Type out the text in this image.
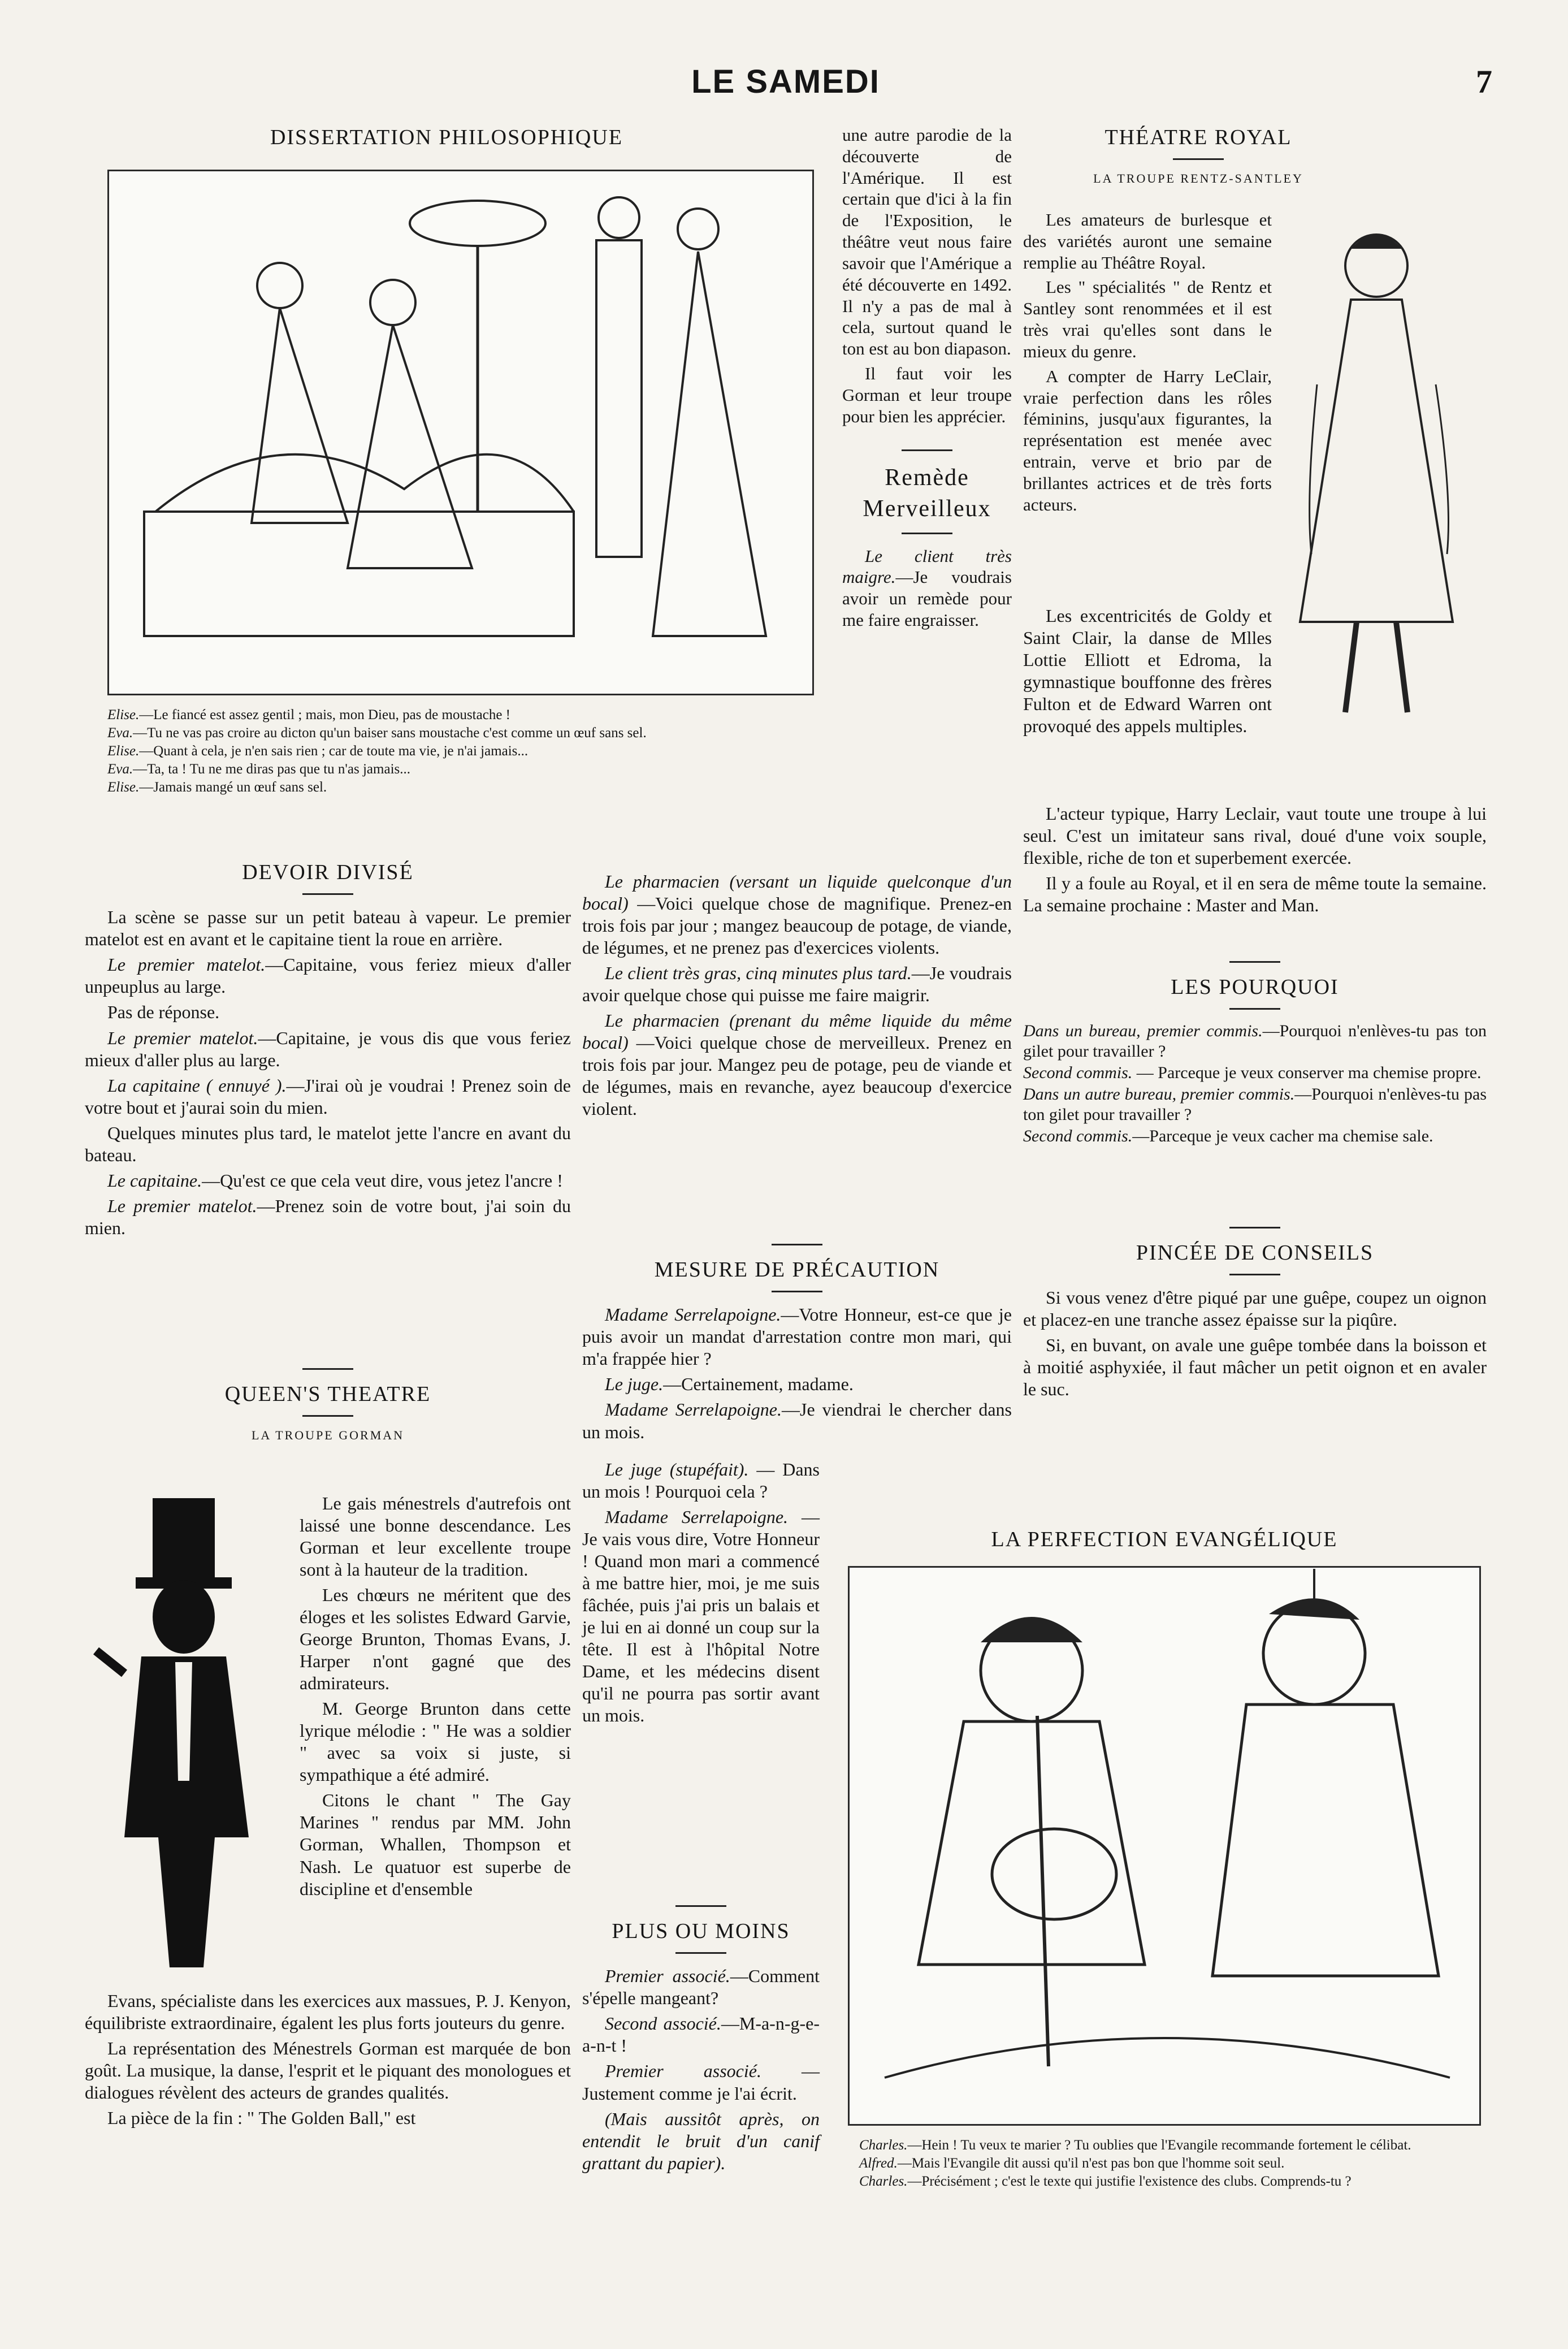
LE SAMEDI	7
DISSERTATION PHILOSOPHIQUE

Elise.—Le fiancé est assez gentil ; mais, mon Dieu, pas de moustache !

Eva.—Tu ne vas pas croire au dicton qu'un baiser sans moustache c'est comme un œuf sans sel.

Elise.—Quant à cela, je n'en sais rien ; car de toute ma vie, je n'ai jamais...

Eva.—Ta, ta ! Tu ne me diras pas que tu n'as jamais...

Elise.—Jamais mangé un œuf sans sel.

une autre parodie de la découverte de l'Amérique. Il est certain que d'ici à la fin de l'Exposition, le théâtre veut nous faire savoir que l'Amérique a été découverte en 1492. Il n'y a pas de mal à cela, surtout quand le ton est au bon diapason.

Il faut voir les Gorman et leur troupe pour bien les apprécier.

Remède Merveilleux

Le client très maigre.—Je voudrais avoir un remède pour me faire engraisser.

DEVOIR DIVISÉ

La scène se passe sur un petit bateau à vapeur. Le premier matelot est en avant et le capitaine tient la roue en arrière.

Le premier matelot.—Capitaine, vous feriez mieux d'aller unpeuplus au large.

Pas de réponse.

Le premier matelot.—Capitaine, je vous dis que vous feriez mieux d'aller plus au large.

La capitaine ( ennuyé ).—J'irai où je voudrai ! Prenez soin de votre bout et j'aurai soin du mien.

Quelques minutes plus tard, le matelot jette l'ancre en avant du bateau.

Le capitaine.—Qu'est ce que cela veut dire, vous jetez l'ancre !

Le premier matelot.—Prenez soin de votre bout, j'ai soin du mien.

QUEEN'S THEATRE
LA TROUPE GORMAN

Le gais ménestrels d'autrefois ont laissé une bonne descendance. Les Gorman et leur excellente troupe sont à la hauteur de la tradition.

Les chœurs ne méritent que des éloges et les solistes Edward Garvie, George Brunton, Thomas Evans, J. Harper n'ont gagné que des admirateurs.

M. George Brunton dans cette lyrique mélodie : " He was a soldier " avec sa voix si juste, si sympathique a été admiré.

Citons le chant " The Gay Marines " rendus par MM. John Gorman, Whallen, Thompson et Nash. Le quatuor est superbe de discipline et d'ensemble

Evans, spécialiste dans les exercices aux massues, P. J. Kenyon, équilibriste extraordinaire, égalent les plus forts jouteurs du genre.

La représentation des Ménestrels Gorman est marquée de bon goût. La musique, la danse, l'esprit et le piquant des monologues et dialogues révèlent des acteurs de grandes qualités.

La pièce de la fin : " The Golden Ball," est

Le pharmacien (versant un liquide quelconque d'un bocal) —Voici quelque chose de magnifique. Prenez-en trois fois par jour ; mangez beaucoup de potage, de viande, de légumes, et ne prenez pas d'exercices violents.

Le client très gras, cinq minutes plus tard.—Je voudrais avoir quelque chose qui puisse me faire maigrir.

Le pharmacien (prenant du même liquide du même bocal) —Voici quelque chose de merveilleux. Prenez en trois fois par jour. Mangez peu de potage, peu de viande et de légumes, mais en revanche, ayez beaucoup d'exercice violent.

MESURE DE PRÉCAUTION

Madame Serrelapoigne.—Votre Honneur, est-ce que je puis avoir un mandat d'arrestation contre mon mari, qui m'a frappée hier ?

Le juge.—Certainement, madame.

Madame Serrelapoigne.—Je viendrai le chercher dans un mois.

Le juge (stupéfait). — Dans un mois ! Pourquoi cela ?

Madame Serrelapoigne. — Je vais vous dire, Votre Honneur ! Quand mon mari a commencé à me battre hier, moi, je me suis fâchée, puis j'ai pris un balais et je lui en ai donné un coup sur la tête. Il est à l'hôpital Notre Dame, et les médecins disent qu'il ne pourra pas sortir avant un mois.

PLUS OU MOINS

Premier associé.—Comment s'épelle mangeant?

Second associé.—M-a-n-g-e-a-n-t !

Premier associé. — Justement comme je l'ai écrit.

(Mais aussitôt après, on entendit le bruit d'un canif grattant du papier).

THÉATRE ROYAL
LA TROUPE RENTZ-SANTLEY

Les amateurs de burlesque et des variétés auront une semaine remplie au Théâtre Royal.

Les " spécialités " de Rentz et Santley sont renommées et il est très vrai qu'elles sont dans le mieux du genre.

A compter de Harry LeClair, vraie perfection dans les rôles féminins, jusqu'aux figurantes, la représentation est menée avec entrain, verve et brio par de brillantes actrices et de très forts acteurs.

Les excentricités de Goldy et Saint Clair, la danse de Mlles Lottie Elliott et Edroma, la gymnastique bouffonne des frères Fulton et de Edward Warren ont provoqué des appels multiples.

L'acteur typique, Harry Leclair, vaut toute une troupe à lui seul. C'est un imitateur sans rival, doué d'une voix souple, flexible, riche de ton et superbement exercée.

Il y a foule au Royal, et il en sera de même toute la semaine. La semaine prochaine : Master and Man.

LES POURQUOI

Dans un bureau, premier commis.—Pourquoi n'enlèves-tu pas ton gilet pour travailler ?

Second commis. — Parceque je veux conserver ma chemise propre.

Dans un autre bureau, premier commis.—Pourquoi n'enlèves-tu pas ton gilet pour travailler ?

Second commis.—Parceque je veux cacher ma chemise sale.

PINCÉE DE CONSEILS

Si vous venez d'être piqué par une guêpe, coupez un oignon et placez-en une tranche assez épaisse sur la piqûre.

Si, en buvant, on avale une guêpe tombée dans la boisson et à moitié asphyxiée, il faut mâcher un petit oignon et en avaler le suc.

LA PERFECTION EVANGÉLIQUE

Charles.—Hein ! Tu veux te marier ? Tu oublies que l'Evangile recommande fortement le célibat.

Alfred.—Mais l'Evangile dit aussi qu'il n'est pas bon que l'homme soit seul.

Charles.—Précisément ; c'est le texte qui justifie l'existence des clubs. Comprends-tu ?
